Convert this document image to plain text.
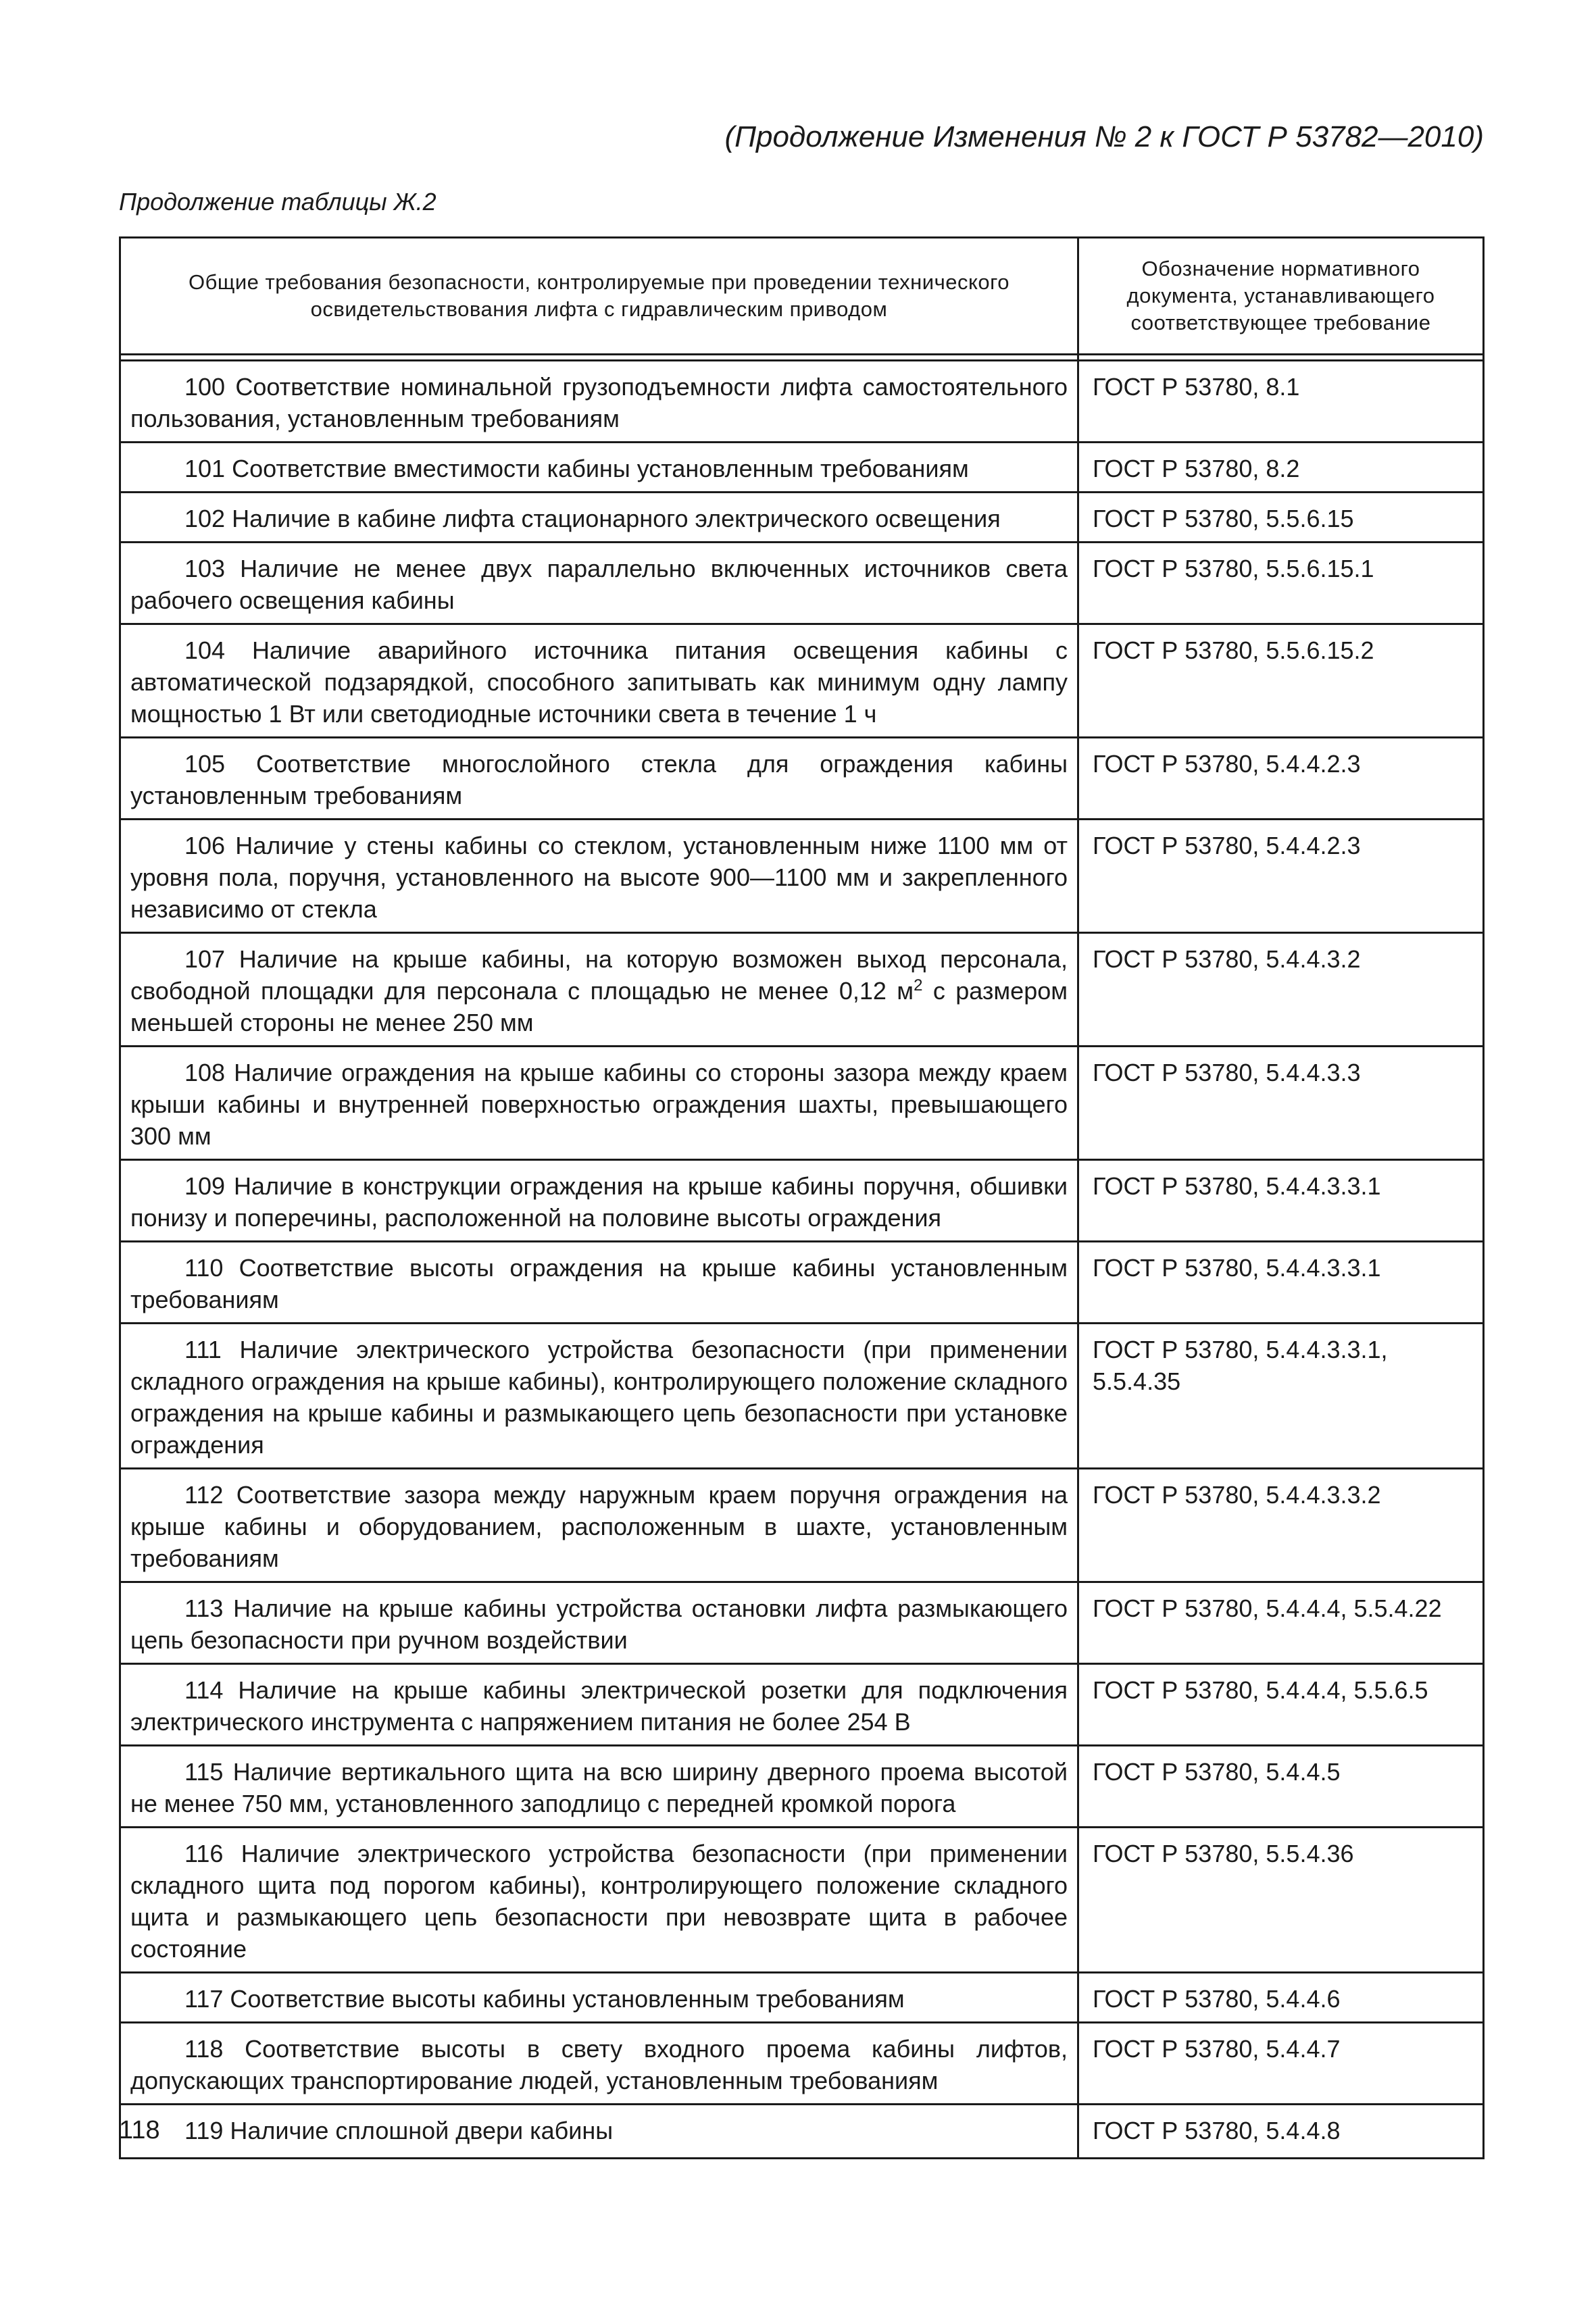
(Продолжение Изменения № 2 к ГОСТ Р 53782—2010)
Продолжение таблицы Ж.2
Общие требования безопасности, контролируемые при проведении технического освидетельствования лифта с гидравлическим приводом	Обозначение нормативного документа, устанавливающего соответствующее требование

100 Соответствие номинальной грузоподъемности лифта самостоятельного пользования, установленным требованиям	ГОСТ Р 53780, 8.1

101 Соответствие вместимости кабины установленным требованиям	ГОСТ Р 53780, 8.2

102 Наличие в кабине лифта стационарного электрического освещения	ГОСТ Р 53780, 5.5.6.15

103 Наличие не менее двух параллельно включенных источников света рабочего освещения кабины	ГОСТ Р 53780, 5.5.6.15.1

104 Наличие аварийного источника питания освещения кабины с автоматической подзарядкой, способного запитывать как минимум одну лампу мощностью 1 Вт или светодиодные источники света в течение 1 ч	ГОСТ Р 53780, 5.5.6.15.2

105 Соответствие многослойного стекла для ограждения кабины установленным требованиям	ГОСТ Р 53780, 5.4.4.2.3

106 Наличие у стены кабины со стеклом, установленным ниже 1100 мм от уровня пола, поручня, установленного на высоте 900—1100 мм и закрепленного независимо от стекла	ГОСТ Р 53780, 5.4.4.2.3

107 Наличие на крыше кабины, на которую возможен выход персонала, свободной площадки для персонала с площадью не менее 0,12 $м^2$ с размером меньшей стороны не менее 250 мм	ГОСТ Р 53780, 5.4.4.3.2

108 Наличие ограждения на крыше кабины со стороны зазора между краем крыши кабины и внутренней поверхностью ограждения шахты, превышающего 300 мм	ГОСТ Р 53780, 5.4.4.3.3

109 Наличие в конструкции ограждения на крыше кабины поручня, обшивки понизу и поперечины, расположенной на половине высоты ограждения	ГОСТ Р 53780, 5.4.4.3.3.1

110 Соответствие высоты ограждения на крыше кабины установленным требованиям	ГОСТ Р 53780, 5.4.4.3.3.1

111 Наличие электрического устройства безопасности (при применении складного ограждения на крыше кабины), контролирующего положение складного ограждения на крыше кабины и размыкающего цепь безопасности при установке ограждения	ГОСТ Р 53780, 5.4.4.3.3.1, 5.5.4.35

112 Соответствие зазора между наружным краем поручня ограждения на крыше кабины и оборудованием, расположенным в шахте, установленным требованиям	ГОСТ Р 53780, 5.4.4.3.3.2

113 Наличие на крыше кабины устройства остановки лифта размыкающего цепь безопасности при ручном воздействии	ГОСТ Р 53780, 5.4.4.4, 5.5.4.22

114 Наличие на крыше кабины электрической розетки для подключения электрического инструмента с напряжением питания не более 254 В	ГОСТ Р 53780, 5.4.4.4, 5.5.6.5

115 Наличие вертикального щита на всю ширину дверного проема высотой не менее 750 мм, установленного заподлицо с передней кромкой порога	ГОСТ Р 53780, 5.4.4.5

116 Наличие электрического устройства безопасности (при применении складного щита под порогом кабины), контролирующего положение складного щита и размыкающего цепь безопасности при невозврате щита в рабочее состояние	ГОСТ Р 53780, 5.5.4.36

117 Соответствие высоты кабины установленным требованиям	ГОСТ Р 53780, 5.4.4.6

118 Соответствие высоты в свету входного проема кабины лифтов, допускающих транспортирование людей, установленным требованиям	ГОСТ Р 53780, 5.4.4.7

119 Наличие сплошной двери кабины	ГОСТ Р 53780, 5.4.4.8
118
